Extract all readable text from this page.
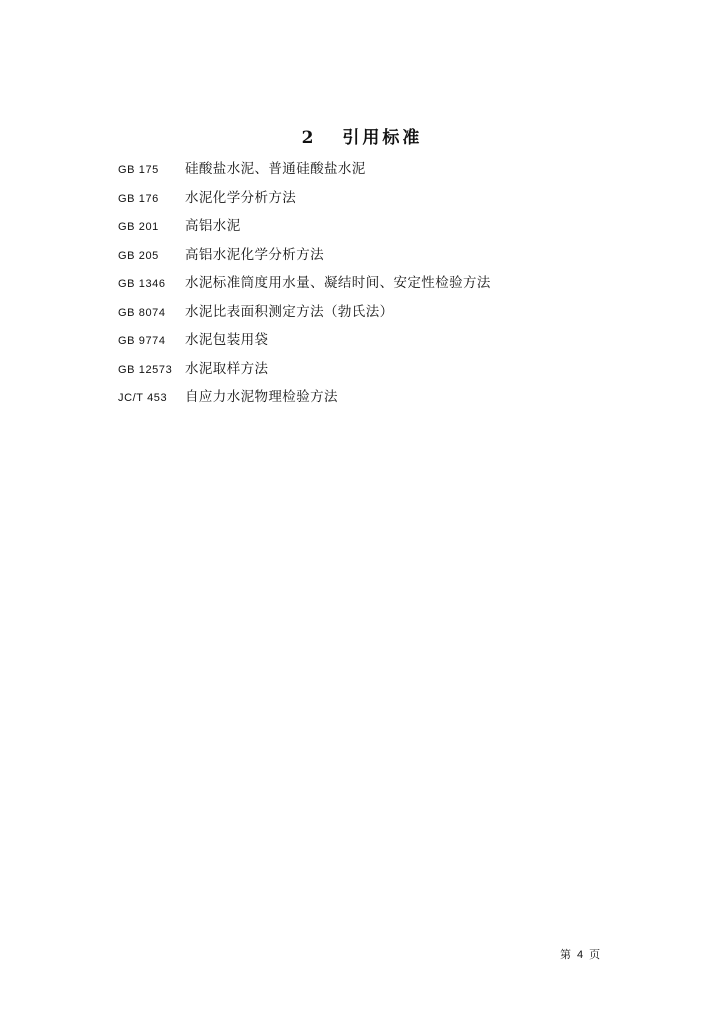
2 引用标准
GB 175	硅酸盐水泥、普通硅酸盐水泥
GB 176	水泥化学分析方法
GB 201	高铝水泥
GB 205	高铝水泥化学分析方法
GB 1346	水泥标准筒度用水量、凝结时间、安定性检验方法
GB 8074	水泥比表面积测定方法（勃氏法）
GB 9774	水泥包装用袋
GB 12573 水泥取样方法
JC/T 453	自应力水泥物理检验方法
第 4 页
